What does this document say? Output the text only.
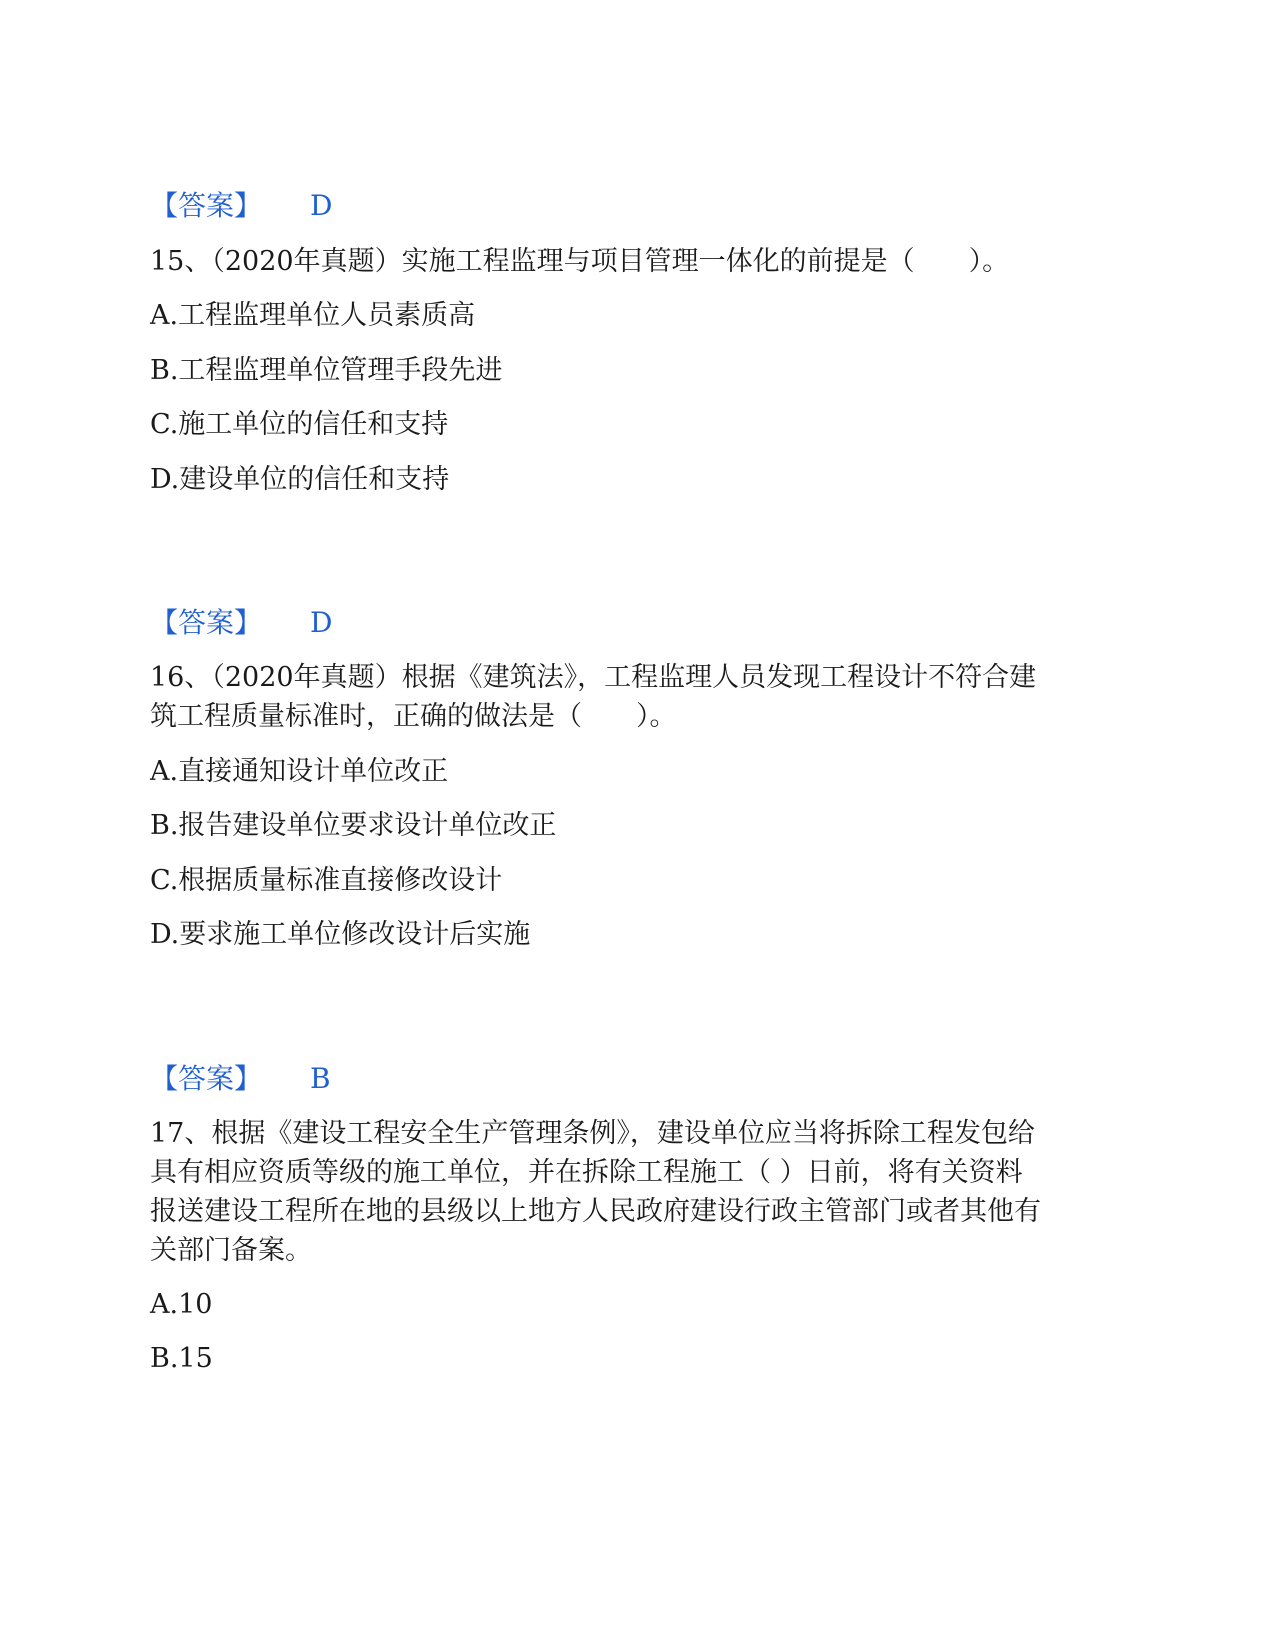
【答案】 D
15、（2020年真题）实施工程监理与项目管理一体化的前提是（　　）。
A.工程监理单位人员素质高
B.工程监理单位管理手段先进
C.施工单位的信任和支持
D.建设单位的信任和支持
【答案】 D
16、（2020年真题）根据《建筑法》，工程监理人员发现工程设计不符合建
筑工程质量标准时，正确的做法是（　　）。
A.直接通知设计单位改正
B.报告建设单位要求设计单位改正
C.根据质量标准直接修改设计
D.要求施工单位修改设计后实施
【答案】 B
17、根据《建设工程安全生产管理条例》，建设单位应当将拆除工程发包给
具有相应资质等级的施工单位，并在拆除工程施工（ ）日前，将有关资料
报送建设工程所在地的县级以上地方人民政府建设行政主管部门或者其他有
关部门备案。
A.10
B.15
